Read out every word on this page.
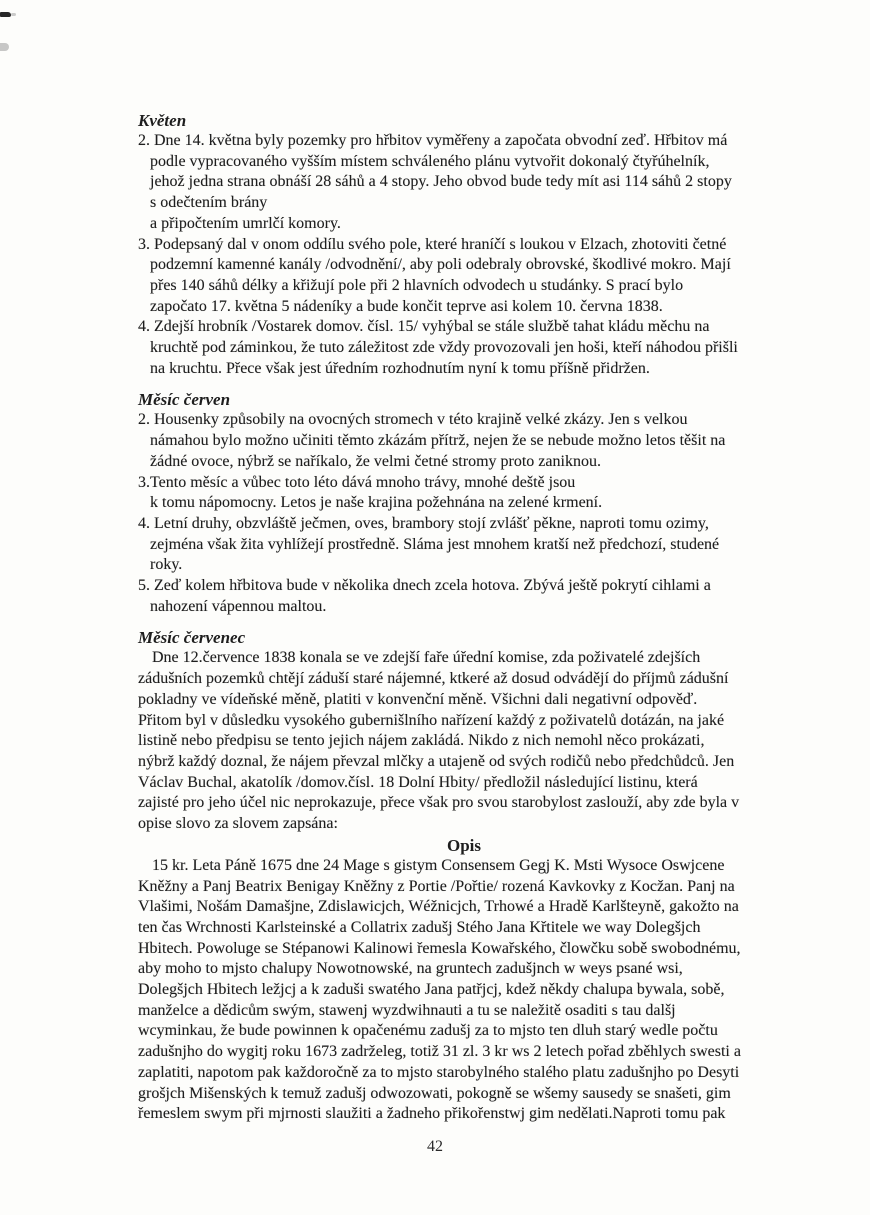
Květen
2. Dne 14. května byly pozemky pro hřbitov vyměřeny a započata obvodní zeď. Hřbitov má
podle vypracovaného vyšším místem schváleného plánu vytvořit dokonalý čtyřúhelník,
jehož jedna strana obnáší 28 sáhů a 4 stopy. Jeho obvod bude tedy mít asi 114 sáhů 2 stopy
s odečtením brány
a připočtením umrlčí komory.
3. Podepsaný dal v onom oddílu svého pole, které hraníčí s loukou v Elzach, zhotoviti četné
podzemní kamenné kanály /odvodnění/, aby poli odebraly obrovské, škodlivé mokro. Mají
přes 140 sáhů délky a křižují pole při 2 hlavních odvodech u studánky. S prací bylo
započato 17. května 5 nádeníky a bude končit teprve asi kolem 10. června 1838.
4. Zdejší hrobník /Vostarek domov. čísl. 15/ vyhýbal se stále službě tahat kládu měchu na
kruchtě pod záminkou, že tuto záležitost zde vždy provozovali jen hoši, kteří náhodou přišli
na kruchtu. Přece však jest úředním rozhodnutím nyní k tomu příšně přidržen.
Měsíc červen
2. Housenky způsobily na ovocných stromech v této krajině velké zkázy. Jen s velkou
námahou bylo možno učiniti těmto zkázám přítrž, nejen že se nebude možno letos těšit na
žádné ovoce, nýbrž se naříkalo, že velmi četné stromy proto zaniknou.
3.Tento měsíc a vůbec toto léto dává mnoho trávy, mnohé deště jsou
k tomu nápomocny. Letos je naše krajina požehnána na zelené krmení.
4. Letní druhy, obzvláště ječmen, oves, brambory stojí zvlášť pěkne, naproti tomu ozimy,
zejména však žita vyhlížejí prostředně. Sláma jest mnohem kratší než předchozí, studené
roky.
5. Zeď kolem hřbitova bude v několika dnech zcela hotova. Zbývá ještě pokrytí cihlami a
nahození vápennou maltou.
Měsíc červenec
Dne 12.července 1838 konala se ve zdejší faře úřední komise, zda poživatelé zdejších
zádušních pozemků chtějí záduší staré nájemné, ktkeré až dosud odvádějí do příjmů zádušní
pokladny ve vídeňské měně, platiti v konvenční měně. Všichni dali negativní odpověď.
Přitom byl v důsledku vysokého gubernišlního nařízení každý z poživatelů dotázán, na jaké
listině nebo předpisu se tento jejich nájem zakládá. Nikdo z nich nemohl něco prokázati,
nýbrž každý doznal, že nájem převzal mlčky a utajeně od svých rodičů nebo předchůdců. Jen
Václav Buchal, akatolík /domov.čísl. 18 Dolní Hbity/ předložil následující listinu, která
zajisté pro jeho účel nic neprokazuje, přece však pro svou starobylost zaslouží, aby zde byla v
opise slovo za slovem zapsána:
Opis
15 kr. Leta Páně 1675 dne 24 Mage s gistym Consensem Gegj K. Msti Wysoce Oswjcene
Kněžny a Panj Beatrix Benigay Kněžny z Portie /Pořtie/ rozená Kavkovky z Kocžan. Panj na
Vlašimi, Nošám Damašjne, Zdislawicjch, Wéžnicjch, Trhowé a Hradě Karlšteyně, gakožto na
ten čas Wrchnosti Karlsteinské a Collatrix zadušj Stého Jana Křtitele we way Dolegšjch
Hbitech. Powoluge se Stépanowi Kalinowi řemesla Kowařského, člowčku sobě swobodnému,
aby moho to mjsto chalupy Nowotnowské, na gruntech zadušjnch w weys psané wsi,
Dolegšjch Hbitech ležjcj a k zaduši swatého Jana patřjcj, kdež někdy chalupa bywala, sobě,
manželce a dědicům swým, stawenj wyzdwihnauti a tu se naležitě osaditi s tau dalšj
wcyminkau, že bude powinnen k opačenému zadušj za to mjsto ten dluh starý wedle počtu
zadušnjho do wygitj roku 1673 zadrželeg, totiž 31 zl. 3 kr ws 2 letech pořad zběhlych swesti a
zaplatiti, napotom pak každoročně za to mjsto starobylného stalého platu zadušnjho po Desyti
grošjch Mišenských k temuž zadušj odwozowati, pokogně se wšemy sausedy se snašeti, gim
řemeslem swym při mjrnosti slaužiti a žadneho přikořenstwj gim nedělati.Naproti tomu pak
42
